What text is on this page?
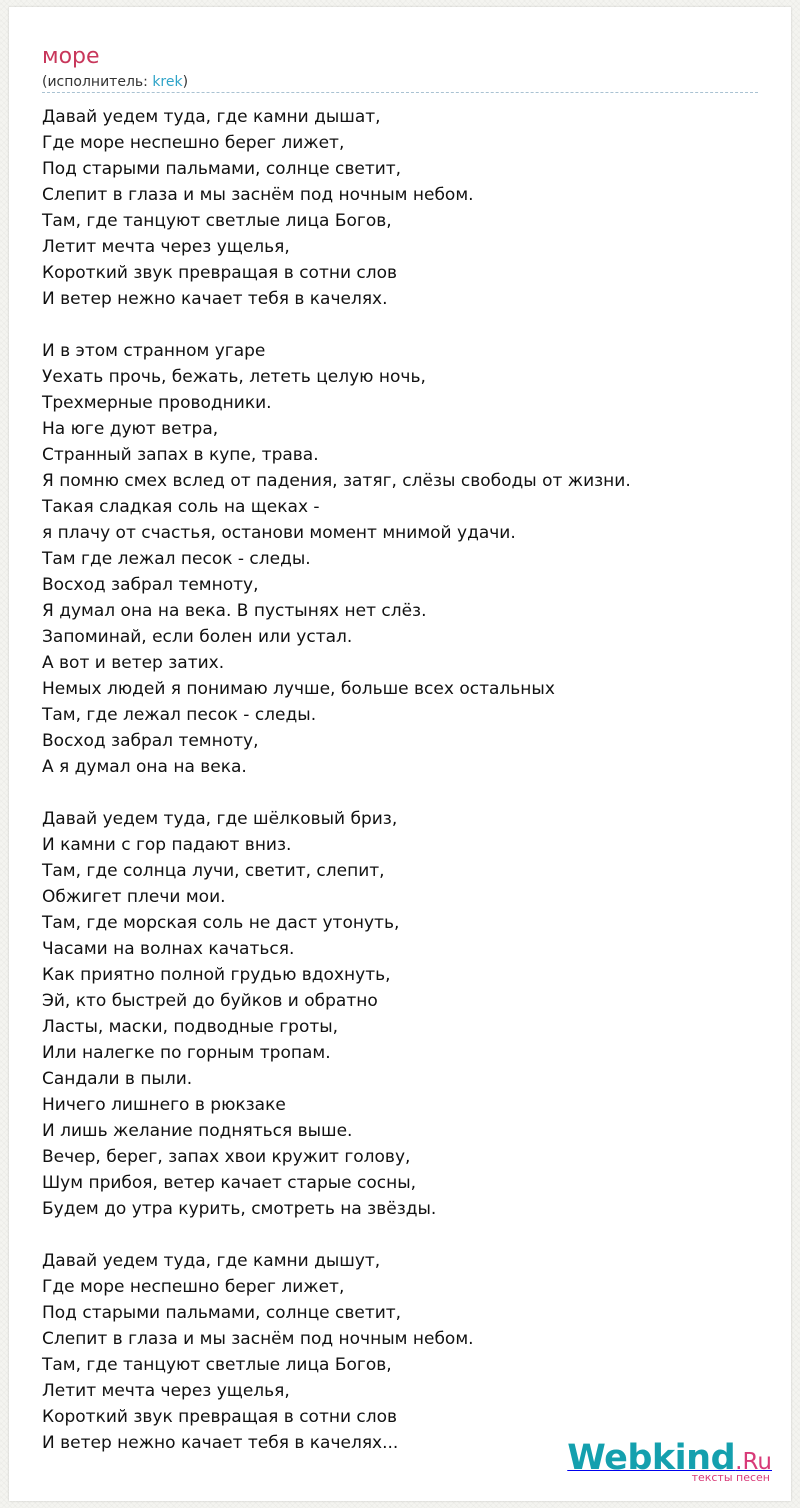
море
(исполнитель: krek)
Давай уедем туда, где камни дышат,
Где море неспешно берег лижет,
Под старыми пальмами, солнце светит,
Слепит в глаза и мы заснём под ночным небом.
Там, где танцуют светлые лица Богов,
Летит мечта через ущелья,
Короткий звук превращая в сотни слов
И ветер нежно качает тебя в качелях.
И в этом странном угаре
Уехать прочь, бежать, лететь целую ночь,
Трехмерные проводники.
На юге дуют ветра,
Странный запах в купе, трава.
Я помню смех вслед от падения, затяг, слёзы свободы от жизни.
Такая сладкая соль на щеках -
я плачу от счастья, останови момент мнимой удачи.
Там где лежал песок - следы.
Восход забрал темноту,
Я думал она на века. В пустынях нет слёз.
Запоминай, если болен или устал.
А вот и ветер затих.
Немых людей я понимаю лучше, больше всех остальных
Там, где лежал песок - следы.
Восход забрал темноту,
А я думал она на века.
Давай уедем туда, где шёлковый бриз,
И камни с гор падают вниз.
Там, где солнца лучи, светит, слепит,
Обжигет плечи мои.
Там, где морская соль не даст утонуть,
Часами на волнах качаться.
Как приятно полной грудью вдохнуть,
Эй, кто быстрей до буйков и обратно
Ласты, маски, подводные гроты,
Или налегке по горным тропам.
Сандали в пыли.
Ничего лишнего в рюкзаке
И лишь желание подняться выше.
Вечер, берег, запах хвои кружит голову,
Шум прибоя, ветер качает старые сосны,
Будем до утра курить, смотреть на звёзды.
Давай уедем туда, где камни дышут,
Где море неспешно берег лижет,
Под старыми пальмами, солнце светит,
Слепит в глаза и мы заснём под ночным небом.
Там, где танцуют светлые лица Богов,
Летит мечта через ущелья,
Короткий звук превращая в сотни слов
И ветер нежно качает тебя в качелях...	Webkind.Ru
тексты песен
